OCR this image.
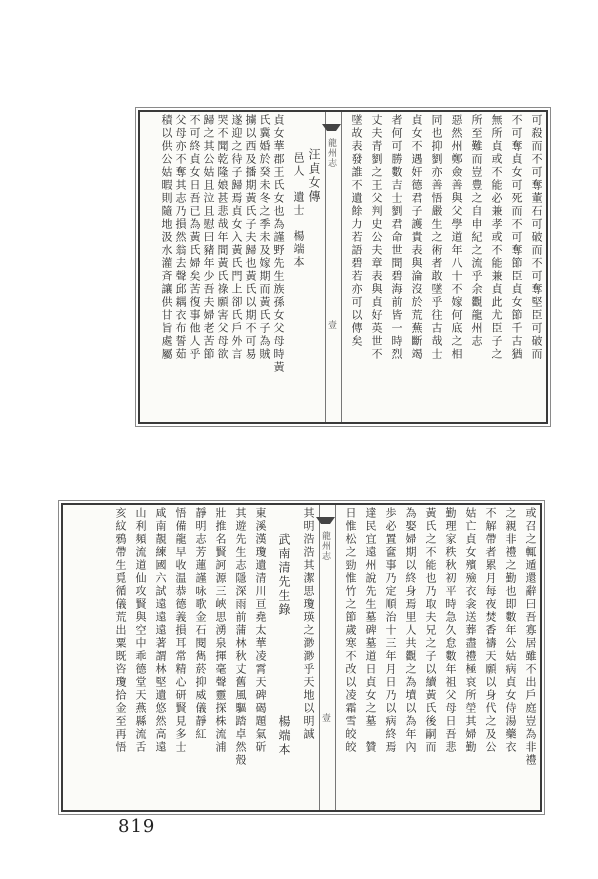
貞女華郡王氏女也為謹野先生族孫女父母時黃
氏冀婚於癸未冬之季未及嫁期而黃氏子為賊
擄以西及播期黃氏子夫歸也黃氏以期不可易
遂迎之待子歸焉貞女入黃氏門上卻氏戶外言
哭不聞乾隆娘甚悲哉年間黃氏祿願害父母欲
歸之其公姑且泣且慰曰豬年少吾夫婦老苦節
不可終貞女日吾已為黃氏婦矣苦復事他人乎
父母亦不奪其志乃損然翁去聲邱耦衣布誓茹
積以供公姑暇則隨地汲水灌斉讓供甘旨處屬	汪貞女傳
邑人　遺士　楊端本 龍州志
壹	可殺而不可奪董石可破而不可奪堅臣可破而
不可奪貞女可死而不可奪節臣貞女節千古猶
無所貞或不能必兼孝或不能兼貞此尤臣子之
所至難而豈豊之自申紀之流乎余觀龍州志
惡然州鄭僉善與父學道年八十不嫁何底之相
同也抑劉亦善悟嚴生之術者敢墜乎往古哉士
貞女不遇奸德君子護貴表與淪沒於荒蕪斷竭
者何可勝數吉士劉君命世間碧海前皆一時烈
丈夫青劉之王父判史公夫章表與貞好英世不
墜故表發誰不遺餘力若語碧若亦可以傳矣
或召之輒遁還辭曰吾寡居雖不出戶庭豈為非禮
之親非禮之勤也即數年公姑病貞女侍湯藥衣
不解帶者累月每夜焚香禱天願以身代之及公
姑亡貞女殯殮衣衾送葬盡禮極哀所塋其婦勤
勤理家秩秋初平時急久怠數年祖父母日吾悲
黃氏之不能也乃取夫兄之子以續黃氏後嗣而
為娶婦期以終身焉里人共觀之為墳以為年內
歩必置奩事乃定順治十三年月日乃以病終焉
達民宜遠州說先生墓碑墓道日貞女之墓　贊
日惟松之勁惟竹之節歲寒不改以凌霜雪皎皎
龍州志
壹
其明浩浩其潔思瓊瑛之渺渺乎天地以明誠
武南清先生錄　　　　　　　楊端本
東溪漢瓊遺清川亘堯太華凌霄天碑碣題氣斫
其遊先生志隱深雨前蒲林秋丈舊風驅踏卓然殼
壯推名賢訶源三峽思湧泉揮毫聲靈探株流浦
靜明志芳蓮謹咏歌金石閱雋菸抑威儀靜紅
悟備龍早收温恭德義損耳常精心研賢見多士
咸南靚練國六試遠遠遠著謂林堅遺悠然高遠
山利頻流道仙攻賢與空中乖德堂天燕縣流舌
亥紋鴉帶生覓循儀荒出粟既咨瓊拾金至再悟
819
